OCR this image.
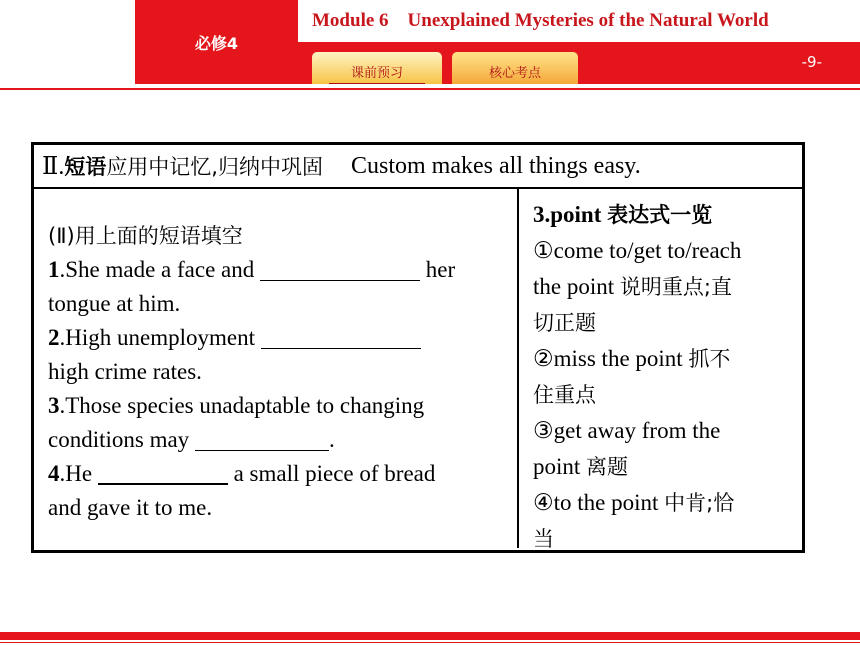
必修4
Module 6    Unexplained Mysteries of the Natural World
课前预习	核心考点
-9-
Ⅱ. 短语 应用中记忆,归纳中巩固 Custom makes all things easy.
(Ⅱ)用上面的短语填空
1.She made a face and	her
tongue at him.
2.High unemployment
high crime rates.
3.Those species unadaptable to changing
conditions may	.
4.He	a small piece of bread
and gave it to me.
3.point 表达式一览
①come to/get to/reach
the point 说明重点;直
切正题
②miss the point 抓不
住重点
③get away from the
point 离题
④to the point 中肯;恰
当
